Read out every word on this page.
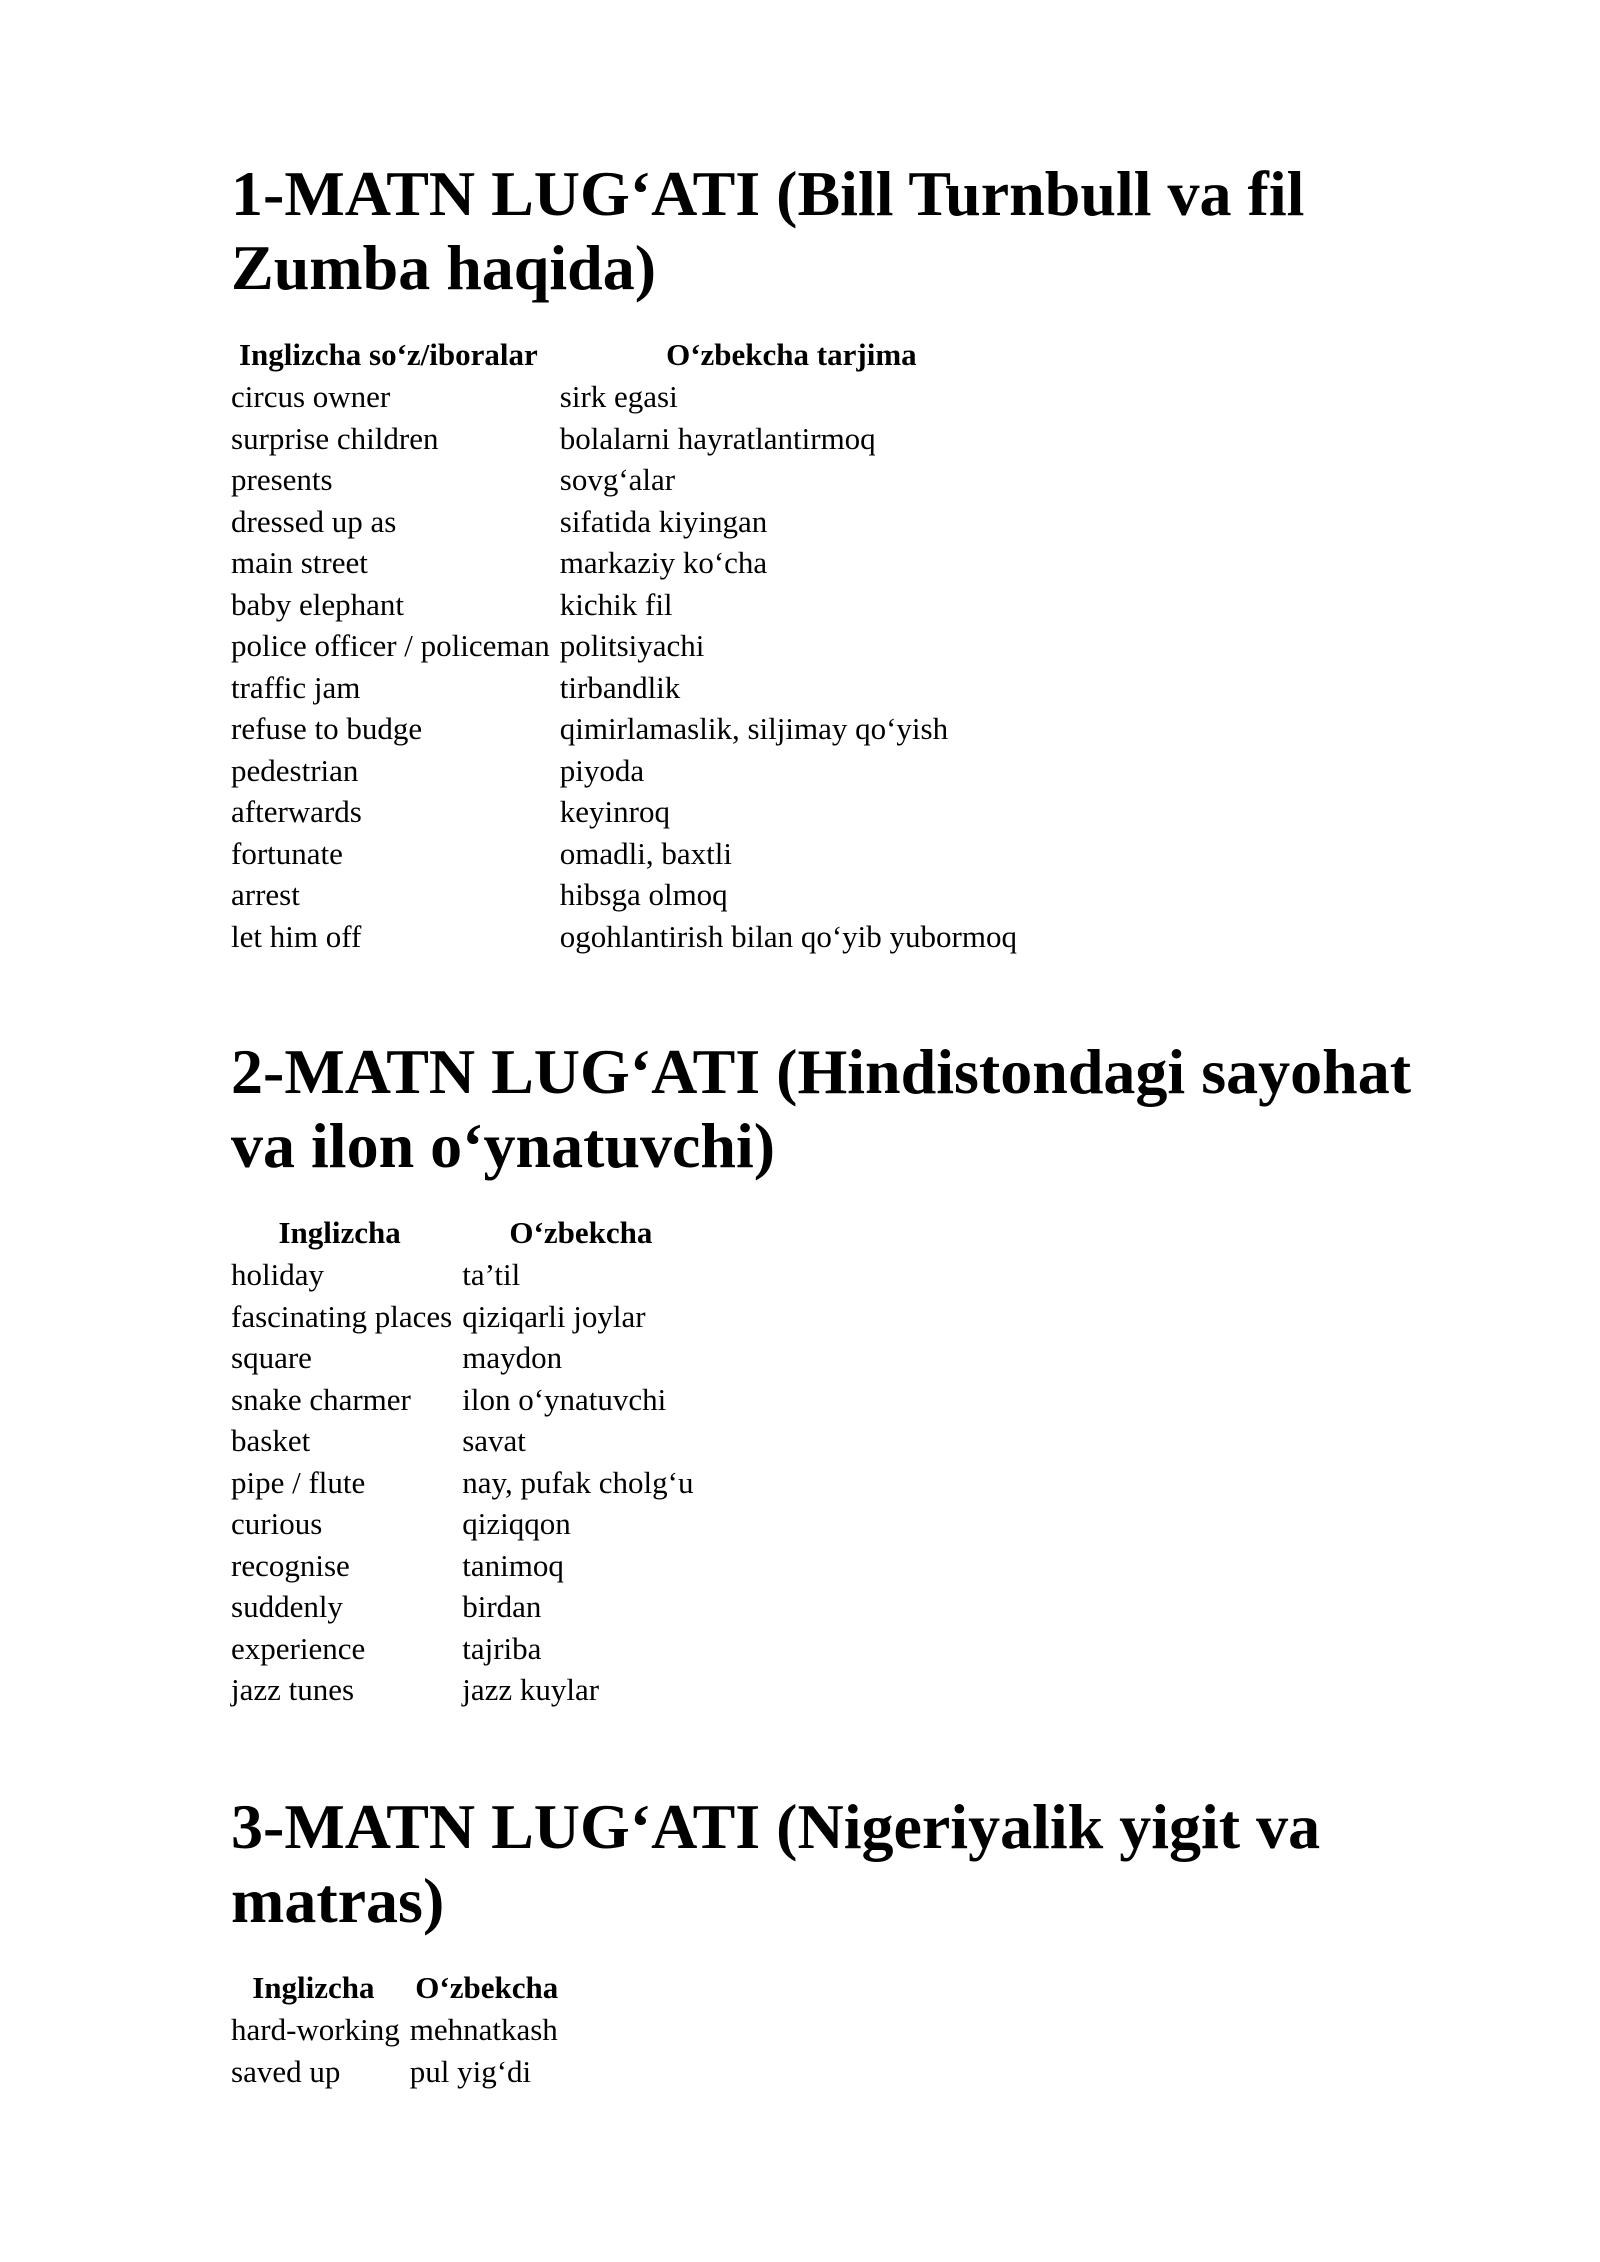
1-MATN LUG‘ATI (Bill Turnbull va fil Zumba haqida)
Inglizcha so‘z/iboralar	O‘zbekcha tarjima
circus owner	sirk egasi
surprise children	bolalarni hayratlantirmoq
presents	sovg‘alar
dressed up as	sifatida kiyingan
main street	markaziy ko‘cha
baby elephant	kichik fil
police officer / policeman	politsiyachi
traffic jam	tirbandlik
refuse to budge	qimirlamaslik, siljimay qo‘yish
pedestrian	piyoda
afterwards	keyinroq
fortunate	omadli, baxtli
arrest	hibsga olmoq
let him off	ogohlantirish bilan qo‘yib yubormoq
2-MATN LUG‘ATI (Hindistondagi sayohat va ilon o‘ynatuvchi)
Inglizcha	O‘zbekcha
holiday	ta’til
fascinating places	qiziqarli joylar
square	maydon
snake charmer	ilon o‘ynatuvchi
basket	savat
pipe / flute	nay, pufak cholg‘u
curious	qiziqqon
recognise	tanimoq
suddenly	birdan
experience	tajriba
jazz tunes	jazz kuylar
3-MATN LUG‘ATI (Nigeriyalik yigit va matras)
Inglizcha	O‘zbekcha
hard-working	mehnatkash
saved up	pul yig‘di
